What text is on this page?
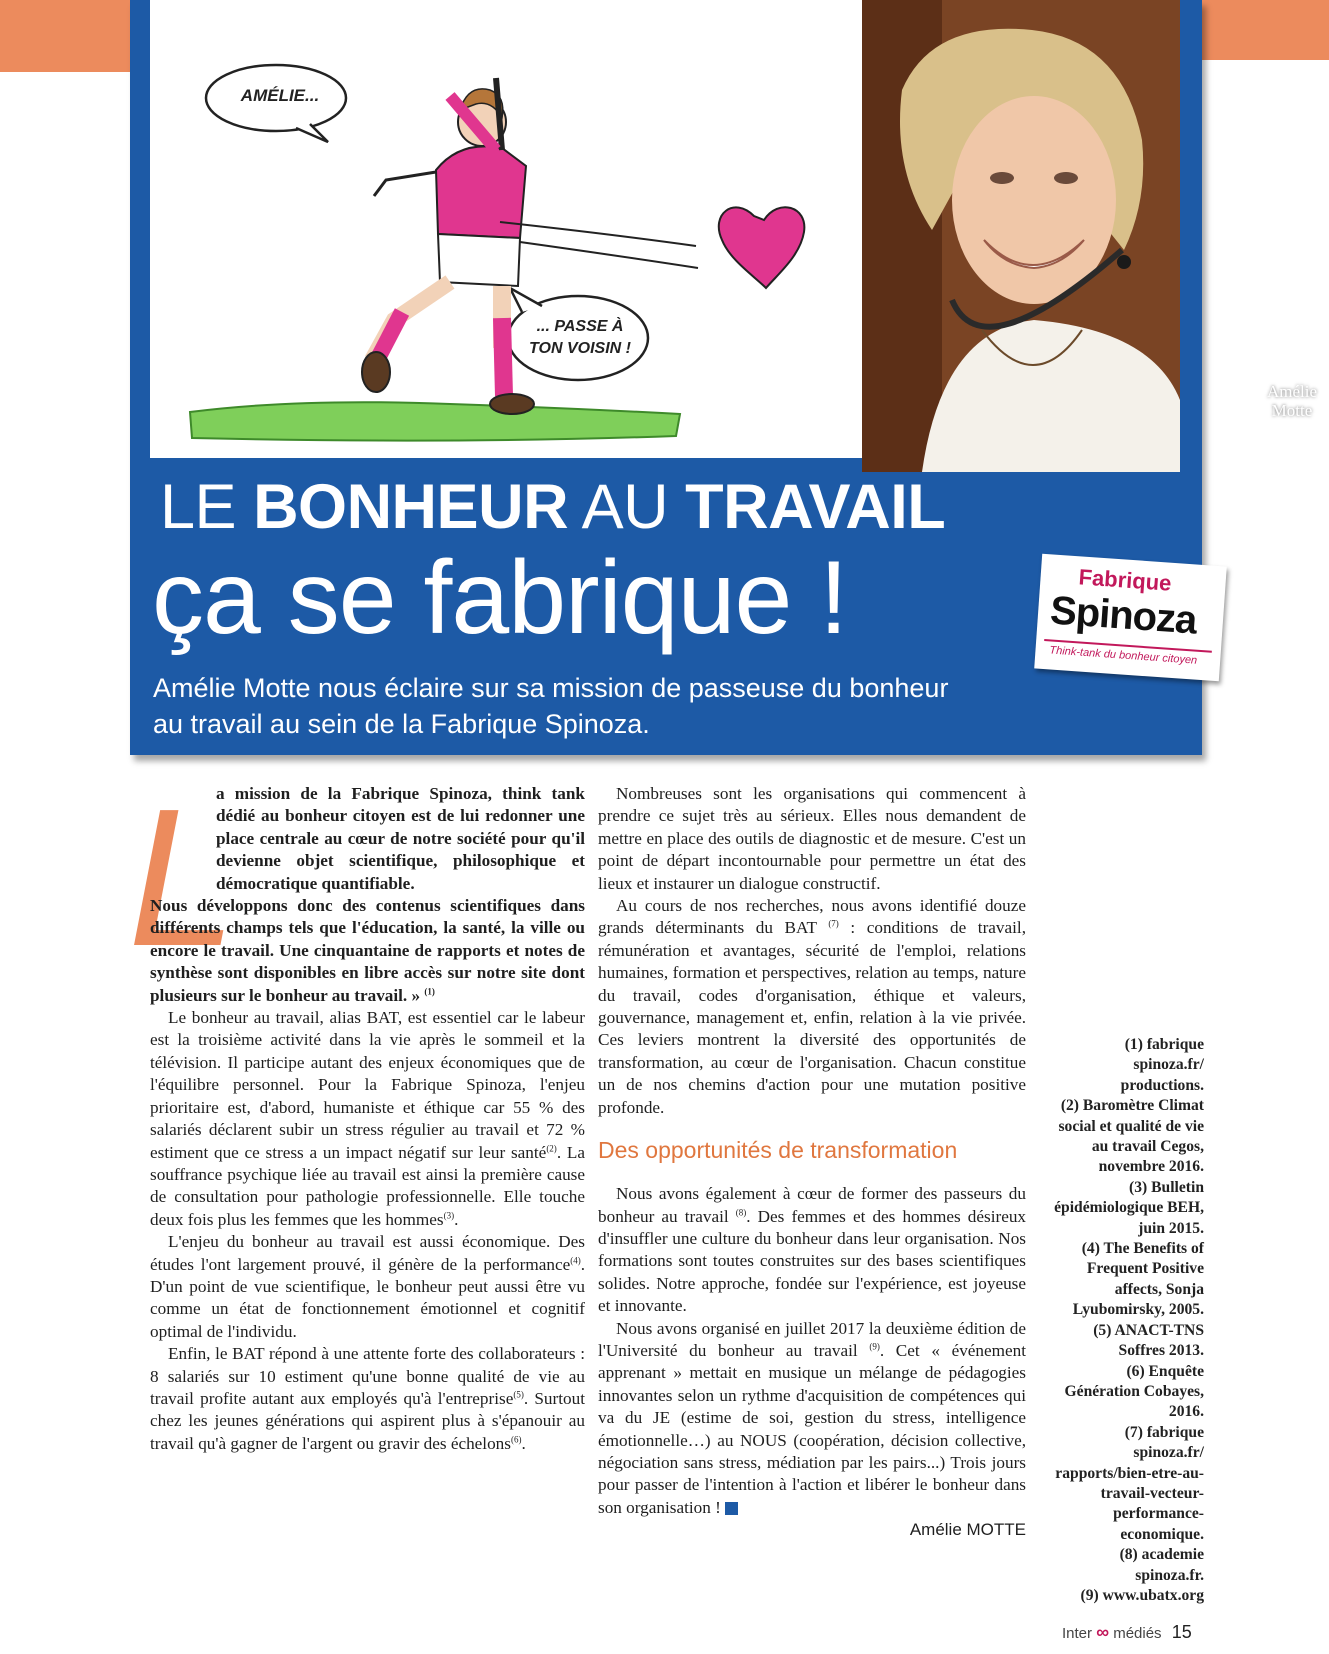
AMÉLIE...
... PASSE À
TON VOISIN !
Amélie
Motte
LE BONHEUR AU TRAVAIL
ça se fabrique !
Amélie Motte nous éclaire sur sa mission de passeuse du bonheur
au travail au sein de la Fabrique Spinoza.
Fabrique
Spinoza
Think-tank du bonheur citoyen
L

a mission de la Fabrique Spinoza, think tank dédié au bonheur citoyen est de lui redonner une place centrale au cœur de notre société pour qu'il devienne objet scientifique, philosophique et démocratique quantifiable.

Nous développons donc des contenus scientifiques dans différents champs tels que l'éducation, la santé, la ville ou encore le travail. Une cinquantaine de rapports et notes de synthèse sont disponibles en libre accès sur notre site dont plusieurs sur le bonheur au travail. » $^{(1)}$

Le bonheur au travail, alias BAT, est essentiel car le labeur est la troisième activité dans la vie après le sommeil et la télévision. Il participe autant des enjeux économiques que de l'équilibre personnel. Pour la Fabrique Spinoza, l'enjeu prioritaire est, d'abord, humaniste et éthique car 55 % des salariés déclarent subir un stress régulier au travail et 72 % estiment que ce stress a un impact négatif sur leur santé$^{(2)}$. La souffrance psychique liée au travail est ainsi la première cause de consultation pour pathologie professionnelle. Elle touche deux fois plus les femmes que les hommes$^{(3)}$.

L'enjeu du bonheur au travail est aussi économique. Des études l'ont largement prouvé, il génère de la performance$^{(4)}$. D'un point de vue scientifique, le bonheur peut aussi être vu comme un état de fonctionnement émotionnel et cognitif optimal de l'individu.

Enfin, le BAT répond à une attente forte des collaborateurs : 8 salariés sur 10 estiment qu'une bonne qualité de vie au travail profite autant aux employés qu'à l'entreprise$^{(5)}$. Surtout chez les jeunes générations qui aspirent plus à s'épanouir au travail qu'à gagner de l'argent ou gravir des échelons$^{(6)}$.

Nombreuses sont les organisations qui commencent à prendre ce sujet très au sérieux. Elles nous demandent de mettre en place des outils de diagnostic et de mesure. C'est un point de départ incontournable pour permettre un état des lieux et instaurer un dialogue constructif.

Au cours de nos recherches, nous avons identifié douze grands déterminants du BAT $^{(7)}$ : conditions de travail, rémunération et avantages, sécurité de l'emploi, relations humaines, formation et perspectives, relation au temps, nature du travail, codes d'organisation, éthique et valeurs, gouvernance, management et, enfin, relation à la vie privée. Ces leviers montrent la diversité des opportunités de transformation, au cœur de l'organisation. Chacun constitue un de nos chemins d'action pour une mutation positive profonde.

Des opportunités de transformation

Nous avons également à cœur de former des passeurs du bonheur au travail $^{(8)}$. Des femmes et des hommes désireux d'insuffler une culture du bonheur dans leur organisation. Nos formations sont toutes construites sur des bases scientifiques solides. Notre approche, fondée sur l'expérience, est joyeuse et innovante.

Nous avons organisé en juillet 2017 la deuxième édition de l'Université du bonheur au travail $^{(9)}$. Cet « événement apprenant » mettait en musique un mélange de pédagogies innovantes selon un rythme d'acquisition de compétences qui va du JE (estime de soi, gestion du stress, intelligence émotionnelle…) au NOUS (coopération, décision collective, négociation sans stress, médiation par les pairs...) Trois jours pour passer de l'intention à l'action et libérer le bonheur dans son organisation !

Amélie MOTTE
(1) fabrique spinoza.fr/ productions.
(2) Baromètre Climat social et qualité de vie au travail Cegos, novembre 2016.
(3) Bulletin épidémiologique BEH, juin 2015.
(4) The Benefits of Frequent Positive affects, Sonja Lyubomirsky, 2005.
(5) ANACT-TNS Soffres 2013.
(6) Enquête Génération Cobayes, 2016.
(7) fabrique spinoza.fr/ rapports/bien-etre-au-travail-vecteur-performance-economique.
(8) academie spinoza.fr.
(9) www.ubatx.org
Inter ∞ médiés 15
